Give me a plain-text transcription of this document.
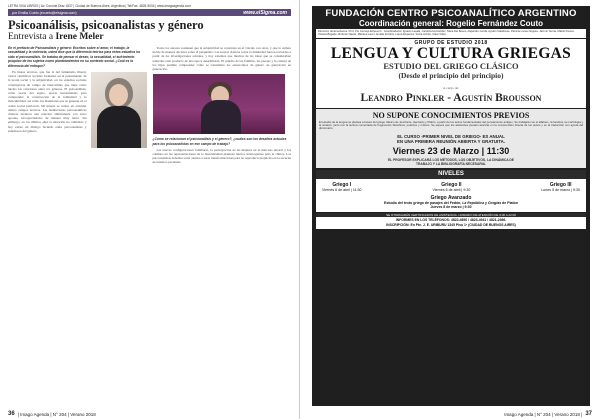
LETRA VIVA LIBROS | Av. Coronel Díaz 1837 | Ciudad de Buenos Aires, Argentina | Tel/Fax: 4825-9034 | www.imagoagenda.com
por Emilia Cueto (ecueto@elsigma.com)	www.elSigma.com
Psicoanálisis, psicoanalistas y género
Entrevista a Irene Meler
En el prefacio de Psicoanálisis y género: Escritos sobre el amor, el trabajo, la sexualidad y la violencia, usted dice que la diferencia teórica para estos estudios ha sido el psicoanálisis. Se trataba de pensar el deseo, la sexualidad, el sufrimiento psíquico de los sujetos como planteamientos en su contexto social. ¿Cuál es la diferencia del enfoque?

En líneas teóricas, que fue la del feminismo liberal, varios científicos sociales formados en el pensamiento de la teoría social y la subjetividad, en los estudios sociales construyeron un campo de intercambio que tiene como núcleo las relaciones entre los géneros. El psicoanálisis, como teoría del sujeto, aporta herramientas para comprender la construcción de la feminidad y la masculinidad, así como los malestares que se generan en el orden social patriarcal. Mi interés se centró en articular ambos campos teóricos. Las instituciones psicoanalíticas clásicas tuvieron una relación ambivalente con estos aportes, incorporándolos de manera muy lenta. Sin embargo, en los últimos años la situación ha cambiado y hoy existe un diálogo fecundo entre psicoanalistas y estudiosos del género.

Todos los autores sostienen que la subjetividad se construye en el vínculo con otros, y que la cultura incide de manera decisiva sobre el psiquismo. Las teorías clásicas sobre la feminidad fueron revisadas a partir de las investigaciones actuales, y hoy sabemos que muchas de las ideas que se consideraban naturales eran producto de una época determinada. El estudio de las familias, las parejas y la crianza de los hijos permite comprender cómo se transmiten los estereotipos de género de generación en generación.

¿Cómo se relacionan el psicoanálisis y el género?, ¿cuáles son los desafíos actuales para los psicoanalistas en ese campo de trabajo?

Las nuevas configuraciones familiares, la participación de las mujeres en el mercado laboral y los cambios en las representaciones de la masculinidad plantean nuevos interrogantes para la clínica. Los psicoanalistas debemos estar atentos a estas transformaciones para no reproducir prejuicios en la escucha de nuestros pacientes.

36 | Imago Agenda | N° 204 | Verano 2018
FUNDACIÓN CENTRO PSICOANALÍTICO ARGENTINO
Coordinación general: Rogelio Fernández Couto
Dirección de Enseñanza: Prof. Pío Cornejo Echeverri · Coordinadores: Ignacio Lasala, Carolina Hernández, Mara Del Bosco, Alejandro Cerda, Ayelén Calabrese, Patricia Lucas Nogués, Jazmín Serrat, Mabel Fresco, Viviana Bogado, Roberto Navas, Mariana Lacci, Amalia Ferraris, Laura Ezquerra, Sonia Arriola, Clara Vidal.
GRUPO DE ESTUDIO 2018
LENGUA Y CULTURA GRIEGAS
ESTUDIO DEL GRIEGO CLÁSICO
(Desde el principio del principio)
A cargo de:
Leandro Pinkler - Agustín Brousson
NO SUPONE CONOCIMIENTOS PREVIOS
El estudio de la lengua se plantea a través del griego clásico de Jenofonte, Heródoto y Platón, a partir de los textos fundamentales del pensamiento antiguo. Se trabajará con el alfabeto, la fonética, la morfología y la sintaxis, junto con la lectura comentada de fragmentos filosóficos, poéticos y míticos. Se espera que los asistentes puedan avanzar en la comprensión directa de los textos y en la traducción con ayuda del diccionario.
EL CURSO -PRIMER NIVEL DE GRIEGO- ES ANUAL
EN UNA PRIMERA REUNIÓN ABIERTA Y GRATUITA.
Viernes 23 de Marzo | 11:30
EL PROFESOR EXPLICARÁ LOS MÉTODOS, LOS OBJETIVOS, LA DINÁMICA DE
TRABAJO Y LA BIBLIOGRAFÍA NECESARIA.
NIVELES
Griego I
Viernes 6 de abril | 11:30
Griego II
Viernes 6 de abril | 9:30
Griego III
Lunes 5 de marzo | 9:30
Griego Avanzado
Estudio del texto griego de pasajes del Fedón, La República y Gorgias de Platón
Jueves 8 de marzo | 9:30
SE OTORGARÁN CERTIFICADOS DE ASISTENCIA. HORARIO DE ATENCIÓN DE 9:00 A 22:00
INFORMES EN LOS TELÉFONOS: 4822-4690 / 4823-4941 / 4821-2366.
INSCRIPCIÓN: En Pte. J. E. URIBURU 1345 Piso 1º (CIUDAD DE BUENOS AIRES)
Imago Agenda | N° 204 | Verano 2018 | 37
